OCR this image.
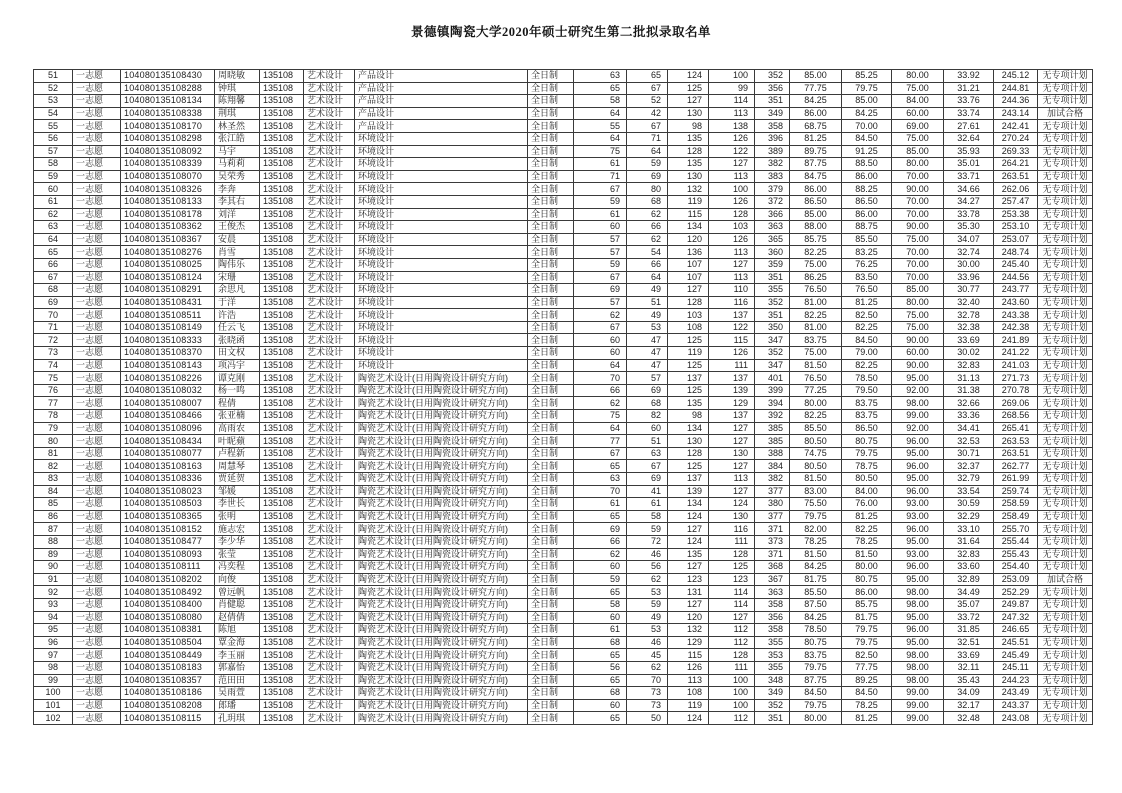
景德镇陶瓷大学2020年硕士研究生第二批拟录取名单
51	一志愿	104080135108430	周晓敏	135108	艺术设计	产品设计	全日制	63	65	124	100	352	85.00	85.25	80.00	33.92	245.12	无专项计划
52	一志愿	104080135108288	钟琪	135108	艺术设计	产品设计	全日制	65	67	125	99	356	77.75	79.75	75.00	31.21	244.81	无专项计划
53	一志愿	104080135108134	陈翔馨	135108	艺术设计	产品设计	全日制	58	52	127	114	351	84.25	85.00	84.00	33.76	244.36	无专项计划
54	一志愿	104080135108338	荆琪	135108	艺术设计	产品设计	全日制	64	42	130	113	349	86.00	84.25	60.00	33.74	243.14	加试合格
55	一志愿	104080135108170	林圣然	135108	艺术设计	产品设计	全日制	55	67	98	138	358	68.75	70.00	69.00	27.61	242.41	无专项计划
56	一志愿	104080135108298	张江皓	135108	艺术设计	环境设计	全日制	64	71	135	126	396	81.25	84.50	75.00	32.64	270.24	无专项计划
57	一志愿	104080135108092	马宇	135108	艺术设计	环境设计	全日制	75	64	128	122	389	89.75	91.25	85.00	35.93	269.33	无专项计划
58	一志愿	104080135108339	马莉莉	135108	艺术设计	环境设计	全日制	61	59	135	127	382	87.75	88.50	80.00	35.01	264.21	无专项计划
59	一志愿	104080135108070	吴荣秀	135108	艺术设计	环境设计	全日制	71	69	130	113	383	84.75	86.00	70.00	33.71	263.51	无专项计划
60	一志愿	104080135108326	李奔	135108	艺术设计	环境设计	全日制	67	80	132	100	379	86.00	88.25	90.00	34.66	262.06	无专项计划
61	一志愿	104080135108133	李其右	135108	艺术设计	环境设计	全日制	59	68	119	126	372	86.50	86.50	70.00	34.27	257.47	无专项计划
62	一志愿	104080135108178	刘洋	135108	艺术设计	环境设计	全日制	61	62	115	128	366	85.00	86.00	70.00	33.78	253.38	无专项计划
63	一志愿	104080135108362	王俊杰	135108	艺术设计	环境设计	全日制	60	66	134	103	363	88.00	88.75	90.00	35.30	253.10	无专项计划
64	一志愿	104080135108367	安晨	135108	艺术设计	环境设计	全日制	57	62	120	126	365	85.75	85.50	75.00	34.07	253.07	无专项计划
65	一志愿	104080135108276	肖雪	135108	艺术设计	环境设计	全日制	57	54	136	113	360	82.25	83.25	70.00	32.74	248.74	无专项计划
66	一志愿	104080135108025	陶伟乐	135108	艺术设计	环境设计	全日制	59	66	107	127	359	75.00	76.25	70.00	30.00	245.40	无专项计划
67	一志愿	104080135108124	宋珊	135108	艺术设计	环境设计	全日制	67	64	107	113	351	86.25	83.50	70.00	33.96	244.56	无专项计划
68	一志愿	104080135108291	余思凡	135108	艺术设计	环境设计	全日制	69	49	127	110	355	76.50	76.50	85.00	30.77	243.77	无专项计划
69	一志愿	104080135108431	于洋	135108	艺术设计	环境设计	全日制	57	51	128	116	352	81.00	81.25	80.00	32.40	243.60	无专项计划
70	一志愿	104080135108511	许浩	135108	艺术设计	环境设计	全日制	62	49	103	137	351	82.25	82.50	75.00	32.78	243.38	无专项计划
71	一志愿	104080135108149	任云飞	135108	艺术设计	环境设计	全日制	67	53	108	122	350	81.00	82.25	75.00	32.38	242.38	无专项计划
72	一志愿	104080135108333	张晓函	135108	艺术设计	环境设计	全日制	60	47	125	115	347	83.75	84.50	90.00	33.69	241.89	无专项计划
73	一志愿	104080135108370	田文权	135108	艺术设计	环境设计	全日制	60	47	119	126	352	75.00	79.00	60.00	30.02	241.22	无专项计划
74	一志愿	104080135108143	项冯宇	135108	艺术设计	环境设计	全日制	64	47	125	111	347	81.50	82.25	90.00	32.83	241.03	无专项计划
75	一志愿	104080135108226	谭克刚	135108	艺术设计	陶瓷艺术设计(日用陶瓷设计研究方向)	全日制	70	57	137	137	401	76.50	78.50	95.00	31.13	271.73	无专项计划
76	一志愿	104080135108032	杨一鸣	135108	艺术设计	陶瓷艺术设计(日用陶瓷设计研究方向)	全日制	66	69	125	139	399	77.25	79.50	92.00	31.38	270.78	无专项计划
77	一志愿	104080135108007	程倩	135108	艺术设计	陶瓷艺术设计(日用陶瓷设计研究方向)	全日制	62	68	135	129	394	80.00	83.75	98.00	32.66	269.06	无专项计划
78	一志愿	104080135108466	张亚楠	135108	艺术设计	陶瓷艺术设计(日用陶瓷设计研究方向)	全日制	75	82	98	137	392	82.25	83.75	99.00	33.36	268.56	无专项计划
79	一志愿	104080135108096	高雨农	135108	艺术设计	陶瓷艺术设计(日用陶瓷设计研究方向)	全日制	64	60	134	127	385	85.50	86.50	92.00	34.41	265.41	无专项计划
80	一志愿	104080135108434	叶昵蘋	135108	艺术设计	陶瓷艺术设计(日用陶瓷设计研究方向)	全日制	77	51	130	127	385	80.50	80.75	96.00	32.53	263.53	无专项计划
81	一志愿	104080135108077	卢程新	135108	艺术设计	陶瓷艺术设计(日用陶瓷设计研究方向)	全日制	67	63	128	130	388	74.75	79.75	95.00	30.71	263.51	无专项计划
82	一志愿	104080135108163	周慧琴	135108	艺术设计	陶瓷艺术设计(日用陶瓷设计研究方向)	全日制	65	67	125	127	384	80.50	78.75	96.00	32.37	262.77	无专项计划
83	一志愿	104080135108336	贾延贺	135108	艺术设计	陶瓷艺术设计(日用陶瓷设计研究方向)	全日制	63	69	137	113	382	81.50	80.50	95.00	32.79	261.99	无专项计划
84	一志愿	104080135108023	邹媛	135108	艺术设计	陶瓷艺术设计(日用陶瓷设计研究方向)	全日制	70	41	139	127	377	83.00	84.00	96.00	33.54	259.74	无专项计划
85	一志愿	104080135108503	李世长	135108	艺术设计	陶瓷艺术设计(日用陶瓷设计研究方向)	全日制	61	61	134	124	380	75.50	76.00	93.00	30.59	258.59	无专项计划
86	一志愿	104080135108365	张明	135108	艺术设计	陶瓷艺术设计(日用陶瓷设计研究方向)	全日制	65	58	124	130	377	79.75	81.25	93.00	32.29	258.49	无专项计划
87	一志愿	104080135108152	施志宏	135108	艺术设计	陶瓷艺术设计(日用陶瓷设计研究方向)	全日制	69	59	127	116	371	82.00	82.25	96.00	33.10	255.70	无专项计划
88	一志愿	104080135108477	李少华	135108	艺术设计	陶瓷艺术设计(日用陶瓷设计研究方向)	全日制	66	72	124	111	373	78.25	78.25	95.00	31.64	255.44	无专项计划
89	一志愿	104080135108093	张莹	135108	艺术设计	陶瓷艺术设计(日用陶瓷设计研究方向)	全日制	62	46	135	128	371	81.50	81.50	93.00	32.83	255.43	无专项计划
90	一志愿	104080135108111	冯奕程	135108	艺术设计	陶瓷艺术设计(日用陶瓷设计研究方向)	全日制	60	56	127	125	368	84.25	80.00	96.00	33.60	254.40	无专项计划
91	一志愿	104080135108202	向俊	135108	艺术设计	陶瓷艺术设计(日用陶瓷设计研究方向)	全日制	59	62	123	123	367	81.75	80.75	95.00	32.89	253.09	加试合格
92	一志愿	104080135108492	曾远帆	135108	艺术设计	陶瓷艺术设计(日用陶瓷设计研究方向)	全日制	65	53	131	114	363	85.50	86.00	98.00	34.49	252.29	无专项计划
93	一志愿	104080135108400	肖健聪	135108	艺术设计	陶瓷艺术设计(日用陶瓷设计研究方向)	全日制	58	59	127	114	358	87.50	85.75	98.00	35.07	249.87	无专项计划
94	一志愿	104080135108080	赵倩倩	135108	艺术设计	陶瓷艺术设计(日用陶瓷设计研究方向)	全日制	60	49	120	127	356	84.25	81.75	95.00	33.72	247.32	无专项计划
95	一志愿	104080135108381	陈旭	135108	艺术设计	陶瓷艺术设计(日用陶瓷设计研究方向)	全日制	61	53	132	112	358	78.50	79.75	96.00	31.85	246.65	无专项计划
96	一志愿	104080135108504	覃金海	135108	艺术设计	陶瓷艺术设计(日用陶瓷设计研究方向)	全日制	68	46	129	112	355	80.75	79.75	95.00	32.51	245.51	无专项计划
97	一志愿	104080135108449	李玉丽	135108	艺术设计	陶瓷艺术设计(日用陶瓷设计研究方向)	全日制	65	45	115	128	353	83.75	82.50	98.00	33.69	245.49	无专项计划
98	一志愿	104080135108183	郭嘉怡	135108	艺术设计	陶瓷艺术设计(日用陶瓷设计研究方向)	全日制	56	62	126	111	355	79.75	77.75	98.00	32.11	245.11	无专项计划
99	一志愿	104080135108357	范田田	135108	艺术设计	陶瓷艺术设计(日用陶瓷设计研究方向)	全日制	65	70	113	100	348	87.75	89.25	98.00	35.43	244.23	无专项计划
100	一志愿	104080135108186	吴雨萱	135108	艺术设计	陶瓷艺术设计(日用陶瓷设计研究方向)	全日制	68	73	108	100	349	84.50	84.50	99.00	34.09	243.49	无专项计划
101	一志愿	104080135108208	郎璠	135108	艺术设计	陶瓷艺术设计(日用陶瓷设计研究方向)	全日制	60	73	119	100	352	79.75	78.25	99.00	32.17	243.37	无专项计划
102	一志愿	104080135108115	孔玥琪	135108	艺术设计	陶瓷艺术设计(日用陶瓷设计研究方向)	全日制	65	50	124	112	351	80.00	81.25	99.00	32.48	243.08	无专项计划
